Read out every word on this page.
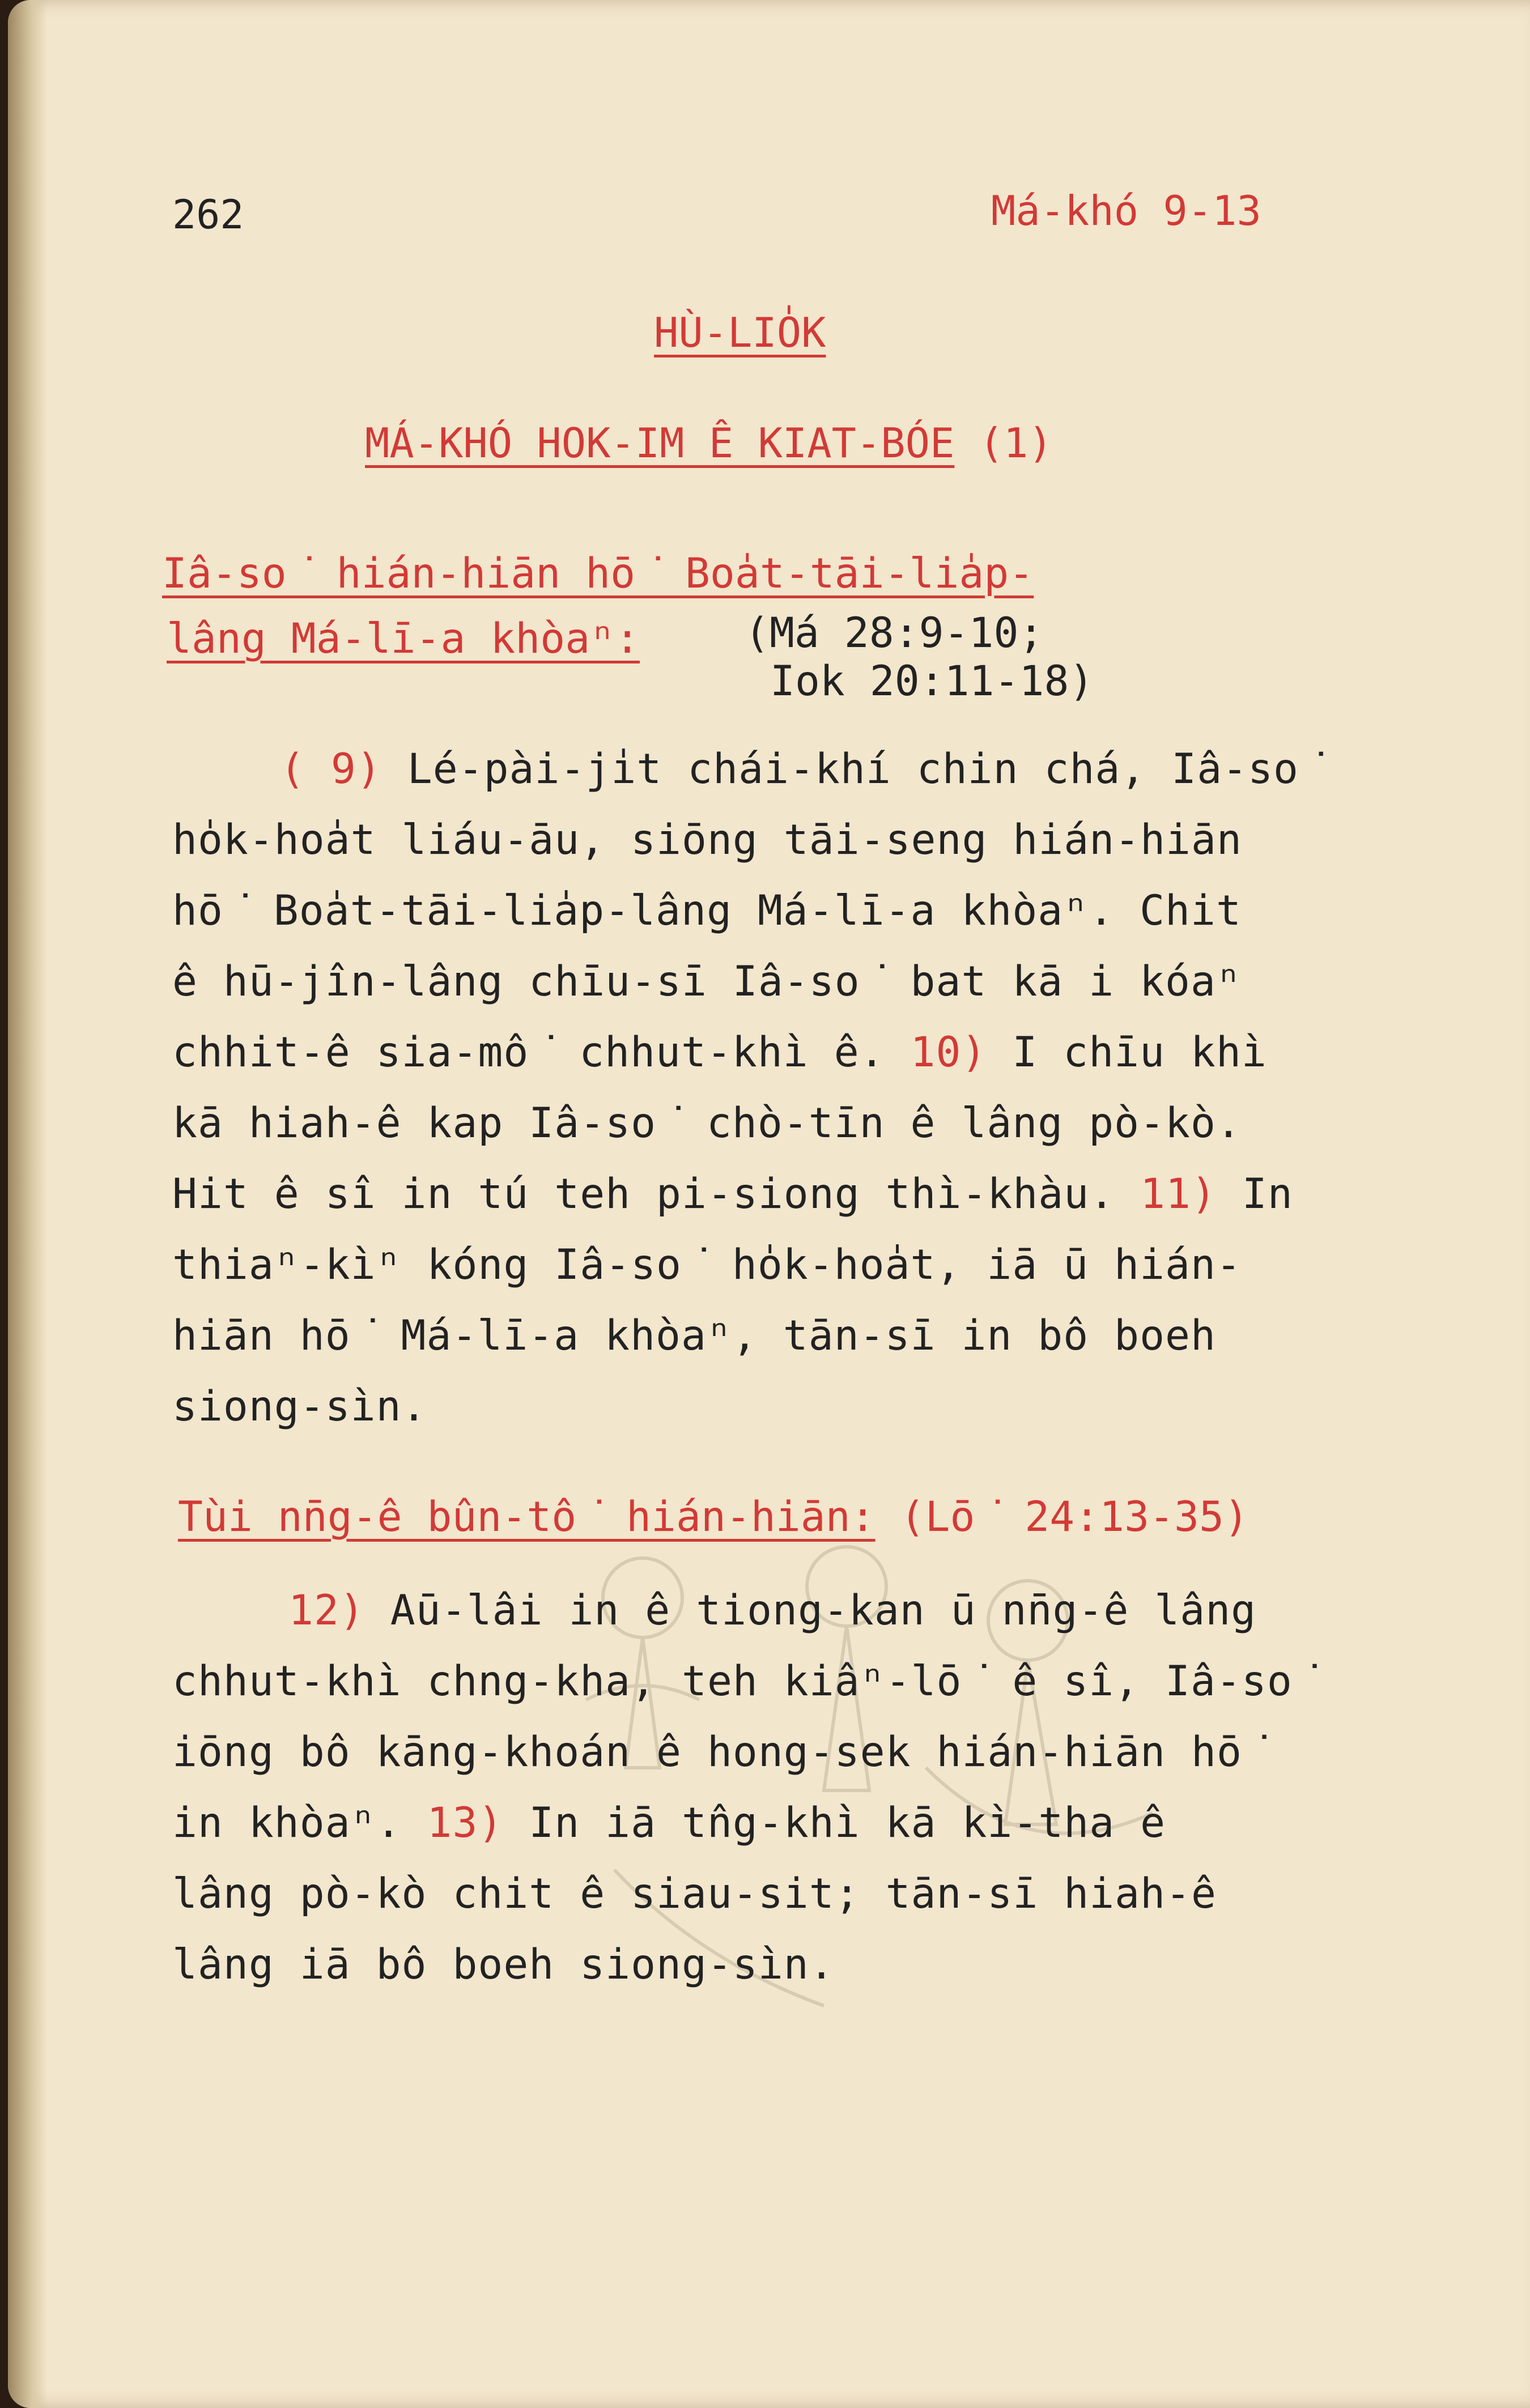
262	Má-khó 9-13
HÙ-LIO̍K
MÁ-KHÓ HOK-IM Ê KIAT-BÓE (1)
Iâ-so͘ hián-hiān hō͘ Boa̍t-tāi-lia̍p-
lâng Má-lī-a khòaⁿ:	(Má 28:9-10;
Iok 20:11-18)
( 9) Lé-pài-ji̍t chái-khí chin chá, Iâ-so͘
ho̍k-hoa̍t liáu-āu, siōng tāi-seng hián-hiān
hō͘ Boa̍t-tāi-lia̍p-lâng Má-lī-a khòaⁿ. Chit
ê hū-jîn-lâng chīu-sī Iâ-so͘ bat kā i kóaⁿ
chhit-ê sia-mô͘ chhut-khì ê. 10) I chīu khì
kā hiah-ê kap Iâ-so͘ chò-tīn ê lâng pò-kò.
Hit ê sî in tú teh pi-siong thì-khàu. 11) In
thiaⁿ-kìⁿ kóng Iâ-so͘ ho̍k-hoa̍t, iā ū hián-
hiān hō͘ Má-lī-a khòaⁿ, tān-sī in bô boeh
siong-sìn.
Tùi nn̄g-ê bûn-tô͘ hián-hiān: (Lō͘ 24:13-35)
12) Aū-lâi in ê tiong-kan ū nn̄g-ê lâng
chhut-khì chng-kha, teh kiâⁿ-lō͘ ê sî, Iâ-so͘
iōng bô kāng-khoán ê hong-sek hián-hiān hō͘
in khòaⁿ. 13) In iā tn̂g-khì kā kì-tha ê
lâng pò-kò chit ê siau-sit; tān-sī hiah-ê
lâng iā bô boeh siong-sìn.
